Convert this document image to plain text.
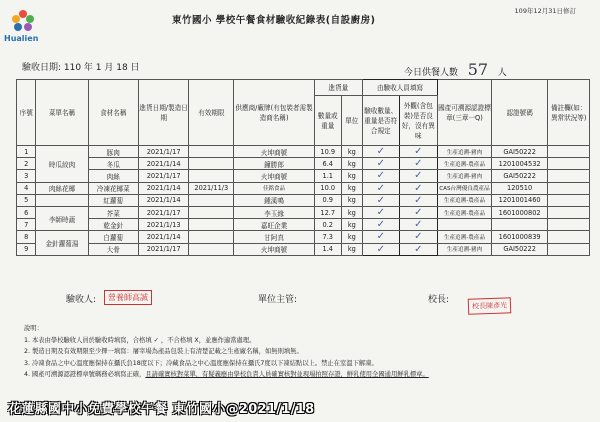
Hualien
109年12月31日修訂
東竹國小 學校午餐食材驗收紀錄表(自設廚房)
驗收日期: 110 年 1 月 18 日	今日供餐人數 57 人
序號	菜單名稱	食材名稱	進貨日期/製造日期	有效期限	供應商/廠牌(有包裝者需製造商名稱)	進貨量		由驗收人員填寫		國產可溯源認證標章(三章一Q)	認證號碼	備註欄(如：異常狀況等)
						數量或重量	單位	驗收數量、重量是否符合規定	外觀(含包裝)是否良好，沒有異味			
1	時瓜絞肉	豚肉	2021/1/17		火坤商號	10.9	kg	✓	✓	生產追溯-豬肉	GAI50222	
2		冬瓜	2021/1/14		鐘勝郎	6.4	kg	✓	✓	生產追溯-農產品	1201004532	
3		肉絲	2021/1/17		火坤商號	1.1	kg	✓	✓	生產追溯-豬肉	GAI50222	
4	肉絲花椰	冷凍花椰菜	2021/1/14	2021/11/3	佳銘食品	10.0	kg	✓	✓	CAS台灣優良農產品	120510	
5		紅蘿蔔	2021/1/14		鍾溪鳴	0.9	kg	✓	✓	生產追溯-農產品	1201001460	
6	李師時蔬	芥菜	2021/1/17		李玉緣	12.7	kg	✓	✓	生產追溯-農產品	1601000802	
7		乾金針	2021/1/13		嘉旺企業	0.2	kg	✓	✓			
8	金針蘿蔔湯	白蘿蔔	2021/1/14		甘阿真	7.3	kg	✓	✓	生產追溯-農產品	1601000839	
9		大骨	2021/1/17		火坤商號	1.4	kg	✓	✓	生產追溯-豬肉	GAI50222	
驗收人:	營養師高誠	單位主管:	校長:
校長陳彥光
說明：
1. 本表由學校驗收人員於驗收時填寫，合格填 ✓ ，不合格填 X，並應作適當處理。
2. 製造日期及有效期限至少擇一填寫：屠宰場為產品包裝上有清楚記載之生產廠名稱，如無則填無。
3. 冷凍食品之中心溫度應保持在攝氏負18度以下；冷藏食品之中心溫度應保持在攝氏7度以下凍結點以上。禁止在室溫下解凍。
4. 國產可溯源認證標章號碼務必填寫正確，且請確實核對菜單，有疑義應由學校負責人員確實核對並現場拍照存證，鮮乳使用全國通用鮮乳標章。
花蓮縣國中小免費學校午餐 東竹國小@2021/1/18
